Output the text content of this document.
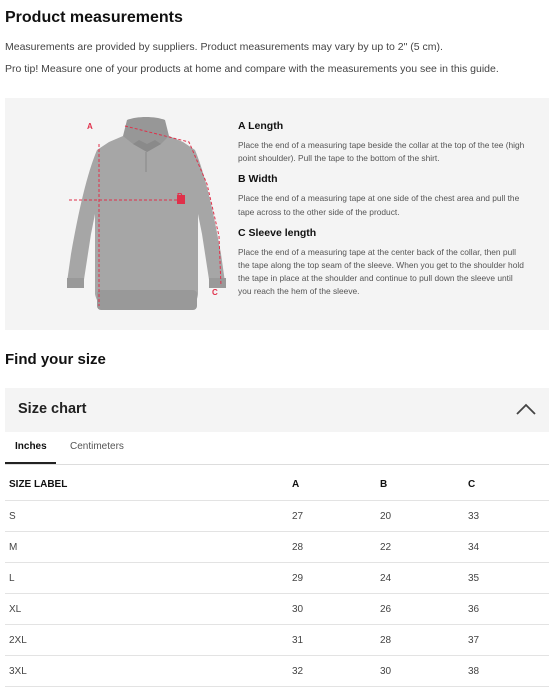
Product measurements

Measurements are provided by suppliers. Product measurements may vary by up to 2" (5 cm).

Pro tip! Measure one of your products at home and compare with the measurements you see in this guide.

A
B
C

A Length

Place the end of a measuring tape beside the collar at the top of the tee (high point shoulder). Pull the tape to the bottom of the shirt.

B Width

Place the end of a measuring tape at one side of the chest area and pull the tape across to the other side of the product.

C Sleeve length

Place the end of a measuring tape at the center back of the collar, then pull the tape along the top seam of the sleeve. When you get to the shoulder hold the tape in place at the shoulder and continue to pull down the sleeve until you reach the hem of the sleeve.

Find your size

Size chart

Inches Centimeters
SIZE LABEL	A	B	C
S	27	20	33
M	28	22	34
L	29	24	35
XL	30	26	36
2XL	31	28	37
3XL	32	30	38
